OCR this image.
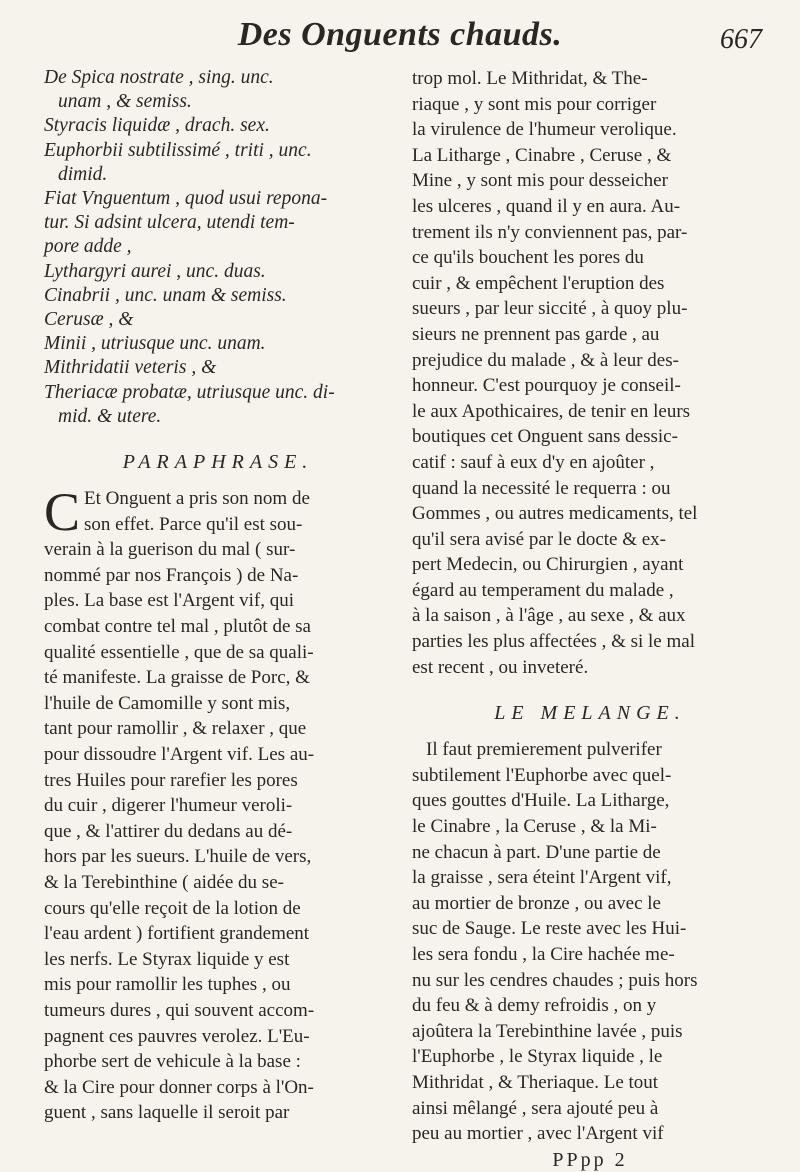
Des Onguents chauds.	667
De Spica nostrate , sing. unc.
unam , & semiss.
Styracis liquidæ , drach. sex.
Euphorbii subtilissimé , triti , unc.
dimid.
Fiat Vnguentum , quod usui repona-
tur. Si adsint ulcera, utendi tem-
pore adde ,
Lythargyri aurei , unc. duas.
Cinabrii , unc. unam & semiss.
Cerusæ , &
Minii , utriusque unc. unam.
Mithridatii veteris , &
Theriacæ probatæ, utriusque unc. di-
mid. & utere.
PARAPHRASE.
C Et Onguent a pris son nom de
son effet. Parce qu'il est sou-
verain à la guerison du mal ( sur-
nommé par nos François ) de Na-
ples. La base est l'Argent vif, qui
combat contre tel mal , plutôt de sa
qualité essentielle , que de sa quali-
té manifeste. La graisse de Porc, &
l'huile de Camomille y sont mis,
tant pour ramollir , & relaxer , que
pour dissoudre l'Argent vif. Les au-
tres Huiles pour rarefier les pores
du cuir , digerer l'humeur veroli-
que , & l'attirer du dedans au dé-
hors par les sueurs. L'huile de vers,
& la Terebinthine ( aidée du se-
cours qu'elle reçoit de la lotion de
l'eau ardent ) fortifient grandement
les nerfs. Le Styrax liquide y est
mis pour ramollir les tuphes , ou
tumeurs dures , qui souvent accom-
pagnent ces pauvres verolez. L'Eu-
phorbe sert de vehicule à la base :
& la Cire pour donner corps à l'On-
guent , sans laquelle il seroit par
trop mol. Le Mithridat, & The-
riaque , y sont mis pour corriger
la virulence de l'humeur verolique.
La Litharge , Cinabre , Ceruse , &
Mine , y sont mis pour desseicher
les ulceres , quand il y en aura. Au-
trement ils n'y conviennent pas, par-
ce qu'ils bouchent les pores du
cuir , & empêchent l'eruption des
sueurs , par leur siccité , à quoy plu-
sieurs ne prennent pas garde , au
prejudice du malade , & à leur des-
honneur. C'est pourquoy je conseil-
le aux Apothicaires, de tenir en leurs
boutiques cet Onguent sans dessic-
catif : sauf à eux d'y en ajoûter ,
quand la necessité le requerra : ou
Gommes , ou autres medicaments, tel
qu'il sera avisé par le docte & ex-
pert Medecin, ou Chirurgien , ayant
égard au temperament du malade ,
à la saison , à l'âge , au sexe , & aux
parties les plus affectées , & si le mal
est recent , ou inveteré.
LE MELANGE.
Il faut premierement pulverifer
subtilement l'Euphorbe avec quel-
ques gouttes d'Huile. La Litharge,
le Cinabre , la Ceruse , & la Mi-
ne chacun à part. D'une partie de
la graisse , sera éteint l'Argent vif,
au mortier de bronze , ou avec le
suc de Sauge. Le reste avec les Hui-
les sera fondu , la Cire hachée me-
nu sur les cendres chaudes ; puis hors
du feu & à demy refroidis , on y
ajoûtera la Terebinthine lavée , puis
l'Euphorbe , le Styrax liquide , le
Mithridat , & Theriaque. Le tout
ainsi mêlangé , sera ajouté peu à
peu au mortier , avec l'Argent vif
PPpp 2
